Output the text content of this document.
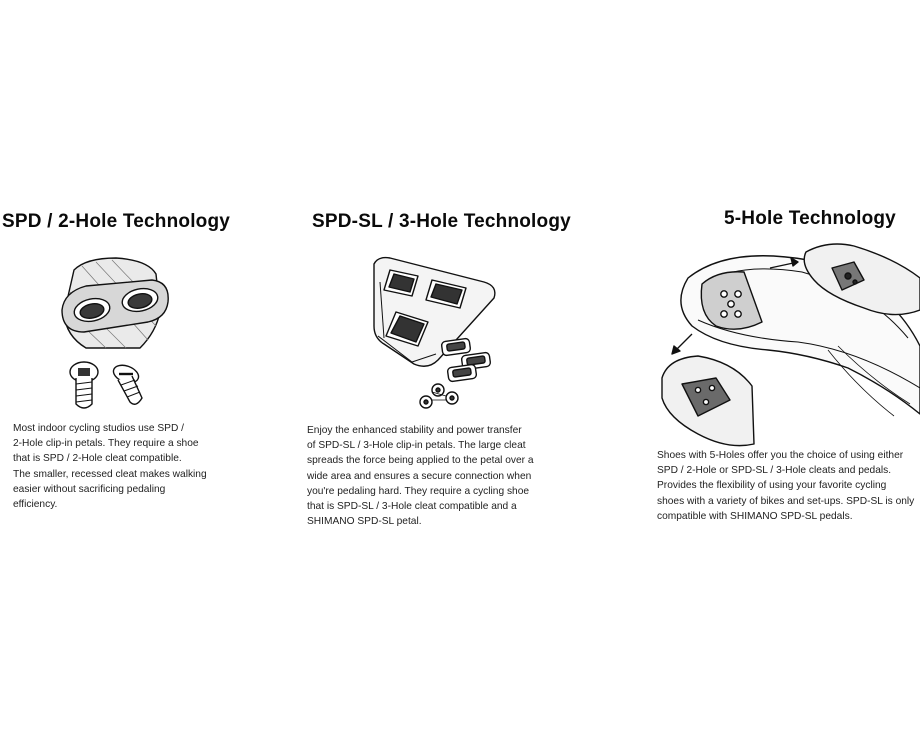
SPD / 2-Hole Technology

Most indoor cycling studios use SPD /
2-Hole clip-in petals. They require a shoe
that is SPD / 2-Hole cleat compatible.
The smaller, recessed cleat makes walking
easier without sacrificing pedaling
efficiency.

SPD-SL / 3-Hole Technology

Enjoy the enhanced stability and power transfer
of SPD-SL / 3-Hole clip-in petals. The large cleat
spreads the force being applied to the petal over a
wide area and ensures a secure connection when
you're pedaling hard. They require a cycling shoe
that is SPD-SL / 3-Hole cleat compatible and a
SHIMANO SPD-SL petal.

5-Hole Technology

Shoes with 5-Holes offer you the choice of using either
SPD / 2-Hole or SPD-SL / 3-Hole cleats and pedals.
Provides the flexibility of using your favorite cycling
shoes with a variety of bikes and set-ups. SPD-SL is only
compatible with SHIMANO SPD-SL pedals.
